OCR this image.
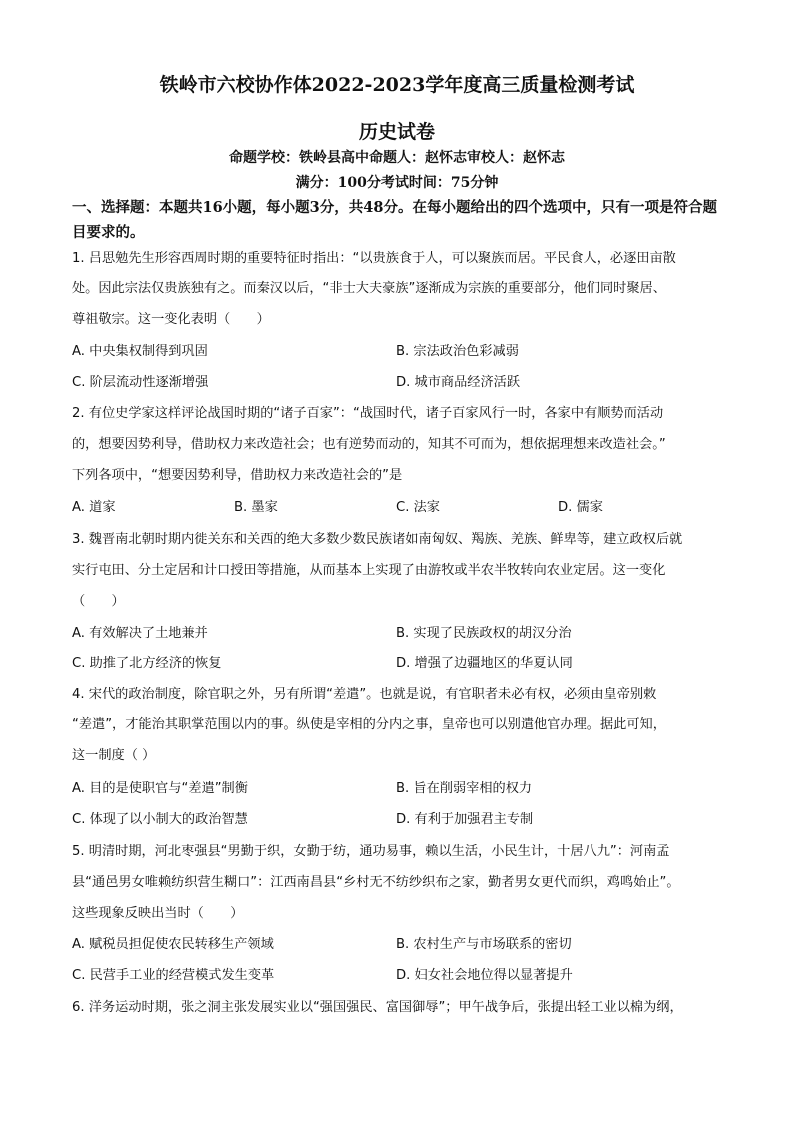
铁岭市六校协作体2022-2023学年度高三质量检测考试
历史试卷
命题学校：铁岭县高中命题人：赵怀志审校人：赵怀志
满分：100分考试时间：75分钟
一、选择题：本题共16小题，每小题3分，共48分。在每小题给出的四个选项中，只有一项是符合题目要求的。
1. 吕思勉先生形容西周时期的重要特征时指出：“以贵族食于人，可以聚族而居。平民食人，必逐田亩散
处。因此宗法仅贵族独有之。而秦汉以后，“非士大夫豪族”逐渐成为宗族的重要部分，他们同时聚居、
尊祖敬宗。这一变化表明（　　）
A. 中央集权制得到巩固	B. 宗法政治色彩减弱
C. 阶层流动性逐渐增强	D. 城市商品经济活跃
2. 有位史学家这样评论战国时期的“诸子百家”：“战国时代，诸子百家风行一时，各家中有顺势而活动
的，想要因势利导，借助权力来改造社会；也有逆势而动的，知其不可而为，想依据理想来改造社会。”
下列各项中，“想要因势利导，借助权力来改造社会的”是
A. 道家	B. 墨家	C. 法家	D. 儒家
3. 魏晋南北朝时期内徙关东和关西的绝大多数少数民族诸如南匈奴、羯族、羌族、鲜卑等，建立政权后就
实行屯田、分土定居和计口授田等措施，从而基本上实现了由游牧或半农半牧转向农业定居。这一变化
（　　）
A. 有效解决了土地兼并	B. 实现了民族政权的胡汉分治
C. 助推了北方经济的恢复	D. 增强了边疆地区的华夏认同
4. 宋代的政治制度，除官职之外，另有所谓“差遣”。也就是说，有官职者未必有权，必须由皇帝别敕
“差遣”，才能治其职掌范围以内的事。纵使是宰相的分内之事，皇帝也可以别遣他官办理。据此可知，
这一制度（ ）
A. 目的是使职官与“差遣”制衡	B. 旨在削弱宰相的权力
C. 体现了以小制大的政治智慧	D. 有利于加强君主专制
5. 明清时期，河北枣强县“男勤于织，女勤于纺，通功易事，赖以生活，小民生计，十居八九”：河南孟
县“通邑男女唯赖纺织营生糊口”：江西南昌县“乡村无不纺纱织布之家，勤者男女更代而织，鸡鸣始止”。
这些现象反映出当时（　　）
A. 赋税员担促使农民转移生产领域	B. 农村生产与市场联系的密切
C. 民营手工业的经营模式发生变革	D. 妇女社会地位得以显著提升
6. 洋务运动时期，张之洞主张发展实业以“强国强民、富国御辱”；甲午战争后，张提出轻工业以棉为纲，
